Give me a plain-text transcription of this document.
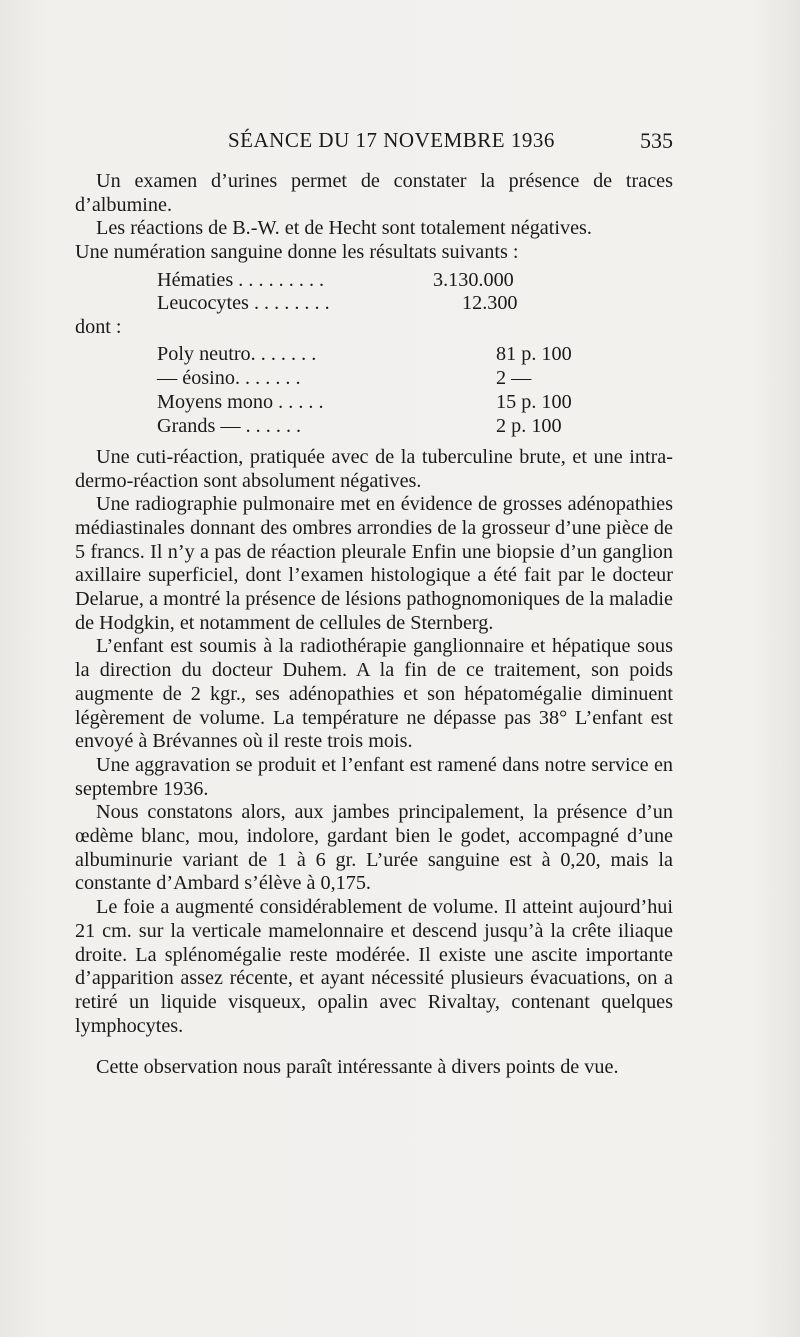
SÉANCE DU 17 NOVEMBRE 1936	535

Un examen d’urines permet de constater la présence de traces d’albumine.

Les réactions de B.-W. et de Hecht sont totalement négatives.

Une numération sanguine donne les résultats suivants :

Hématies . . . . . . . . .	3.130.000
Leucocytes . . . . . . . .	12.300

dont :

Poly neutro. . . . . . .	81 p. 100
— éosino. . . . . . .	2 —
Moyens mono . . . . .	15 p. 100
Grands — . . . . . .	2 p. 100

Une cuti-réaction, pratiquée avec de la tuberculine brute, et une intra-dermo-réaction sont absolument négatives.

Une radiographie pulmonaire met en évidence de grosses adénopathies médiastinales donnant des ombres arrondies de la grosseur d’une pièce de 5 francs. Il n’y a pas de réaction pleurale Enfin une biopsie d’un ganglion axillaire superficiel, dont l’examen histologique a été fait par le docteur Delarue, a montré la présence de lésions pathognomoniques de la maladie de Hodgkin, et notamment de cellules de Sternberg.

L’enfant est soumis à la radiothérapie ganglionnaire et hépatique sous la direction du docteur Duhem. A la fin de ce traitement, son poids augmente de 2 kgr., ses adénopathies et son hépatomégalie diminuent légèrement de volume. La température ne dépasse pas 38° L’enfant est envoyé à Brévannes où il reste trois mois.

Une aggravation se produit et l’enfant est ramené dans notre service en septembre 1936.

Nous constatons alors, aux jambes principalement, la présence d’un œdème blanc, mou, indolore, gardant bien le godet, accompagné d’une albuminurie variant de 1 à 6 gr. L’urée sanguine est à 0,20, mais la constante d’Ambard s’élève à 0,175.

Le foie a augmenté considérablement de volume. Il atteint aujourd’hui 21 cm. sur la verticale mamelonnaire et descend jusqu’à la crête iliaque droite. La splénomégalie reste modérée. Il existe une ascite importante d’apparition assez récente, et ayant nécessité plusieurs évacuations, on a retiré un liquide visqueux, opalin avec Rivaltay, contenant quelques lymphocytes.

Cette observation nous paraît intéressante à divers points de vue.
